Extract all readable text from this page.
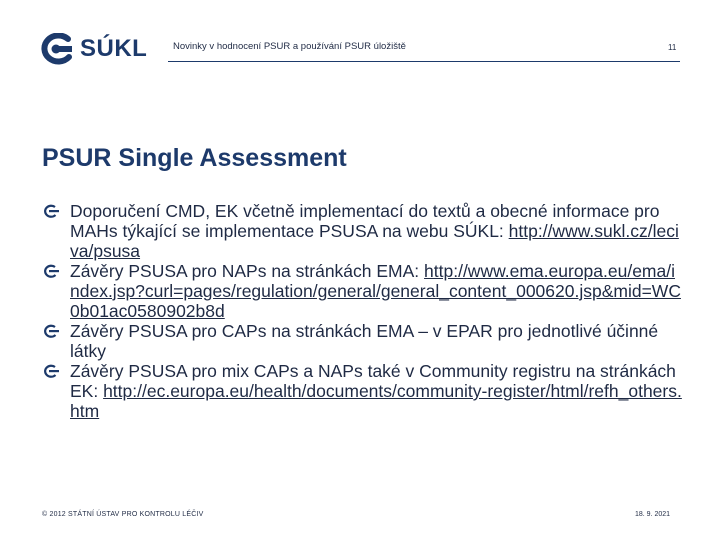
SÚKL	Novinky v hodnocení PSUR a používání PSUR úložiště	11
PSUR Single Assessment
Doporučení CMD, EK včetně implementací do textů a obecné informace pro MAHs týkající se implementace PSUSA na webu SÚKL: http://www.sukl.cz/leciva/psusa
Závěry PSUSA pro NAPs na stránkách EMA: http://www.ema.europa.eu/ema/index.jsp?curl=pages/regulation/general/general_content_000620.jsp&mid=WC0b01ac0580902b8d
Závěry PSUSA pro CAPs na stránkách EMA – v EPAR pro jednotlivé účinné látky
Závěry PSUSA pro mix CAPs a NAPs také v Community registru na stránkách EK: http://ec.europa.eu/health/documents/community-register/html/refh_others.htm
© 2012 STÁTNÍ ÚSTAV PRO KONTROLU LÉČIV	18. 9. 2021
